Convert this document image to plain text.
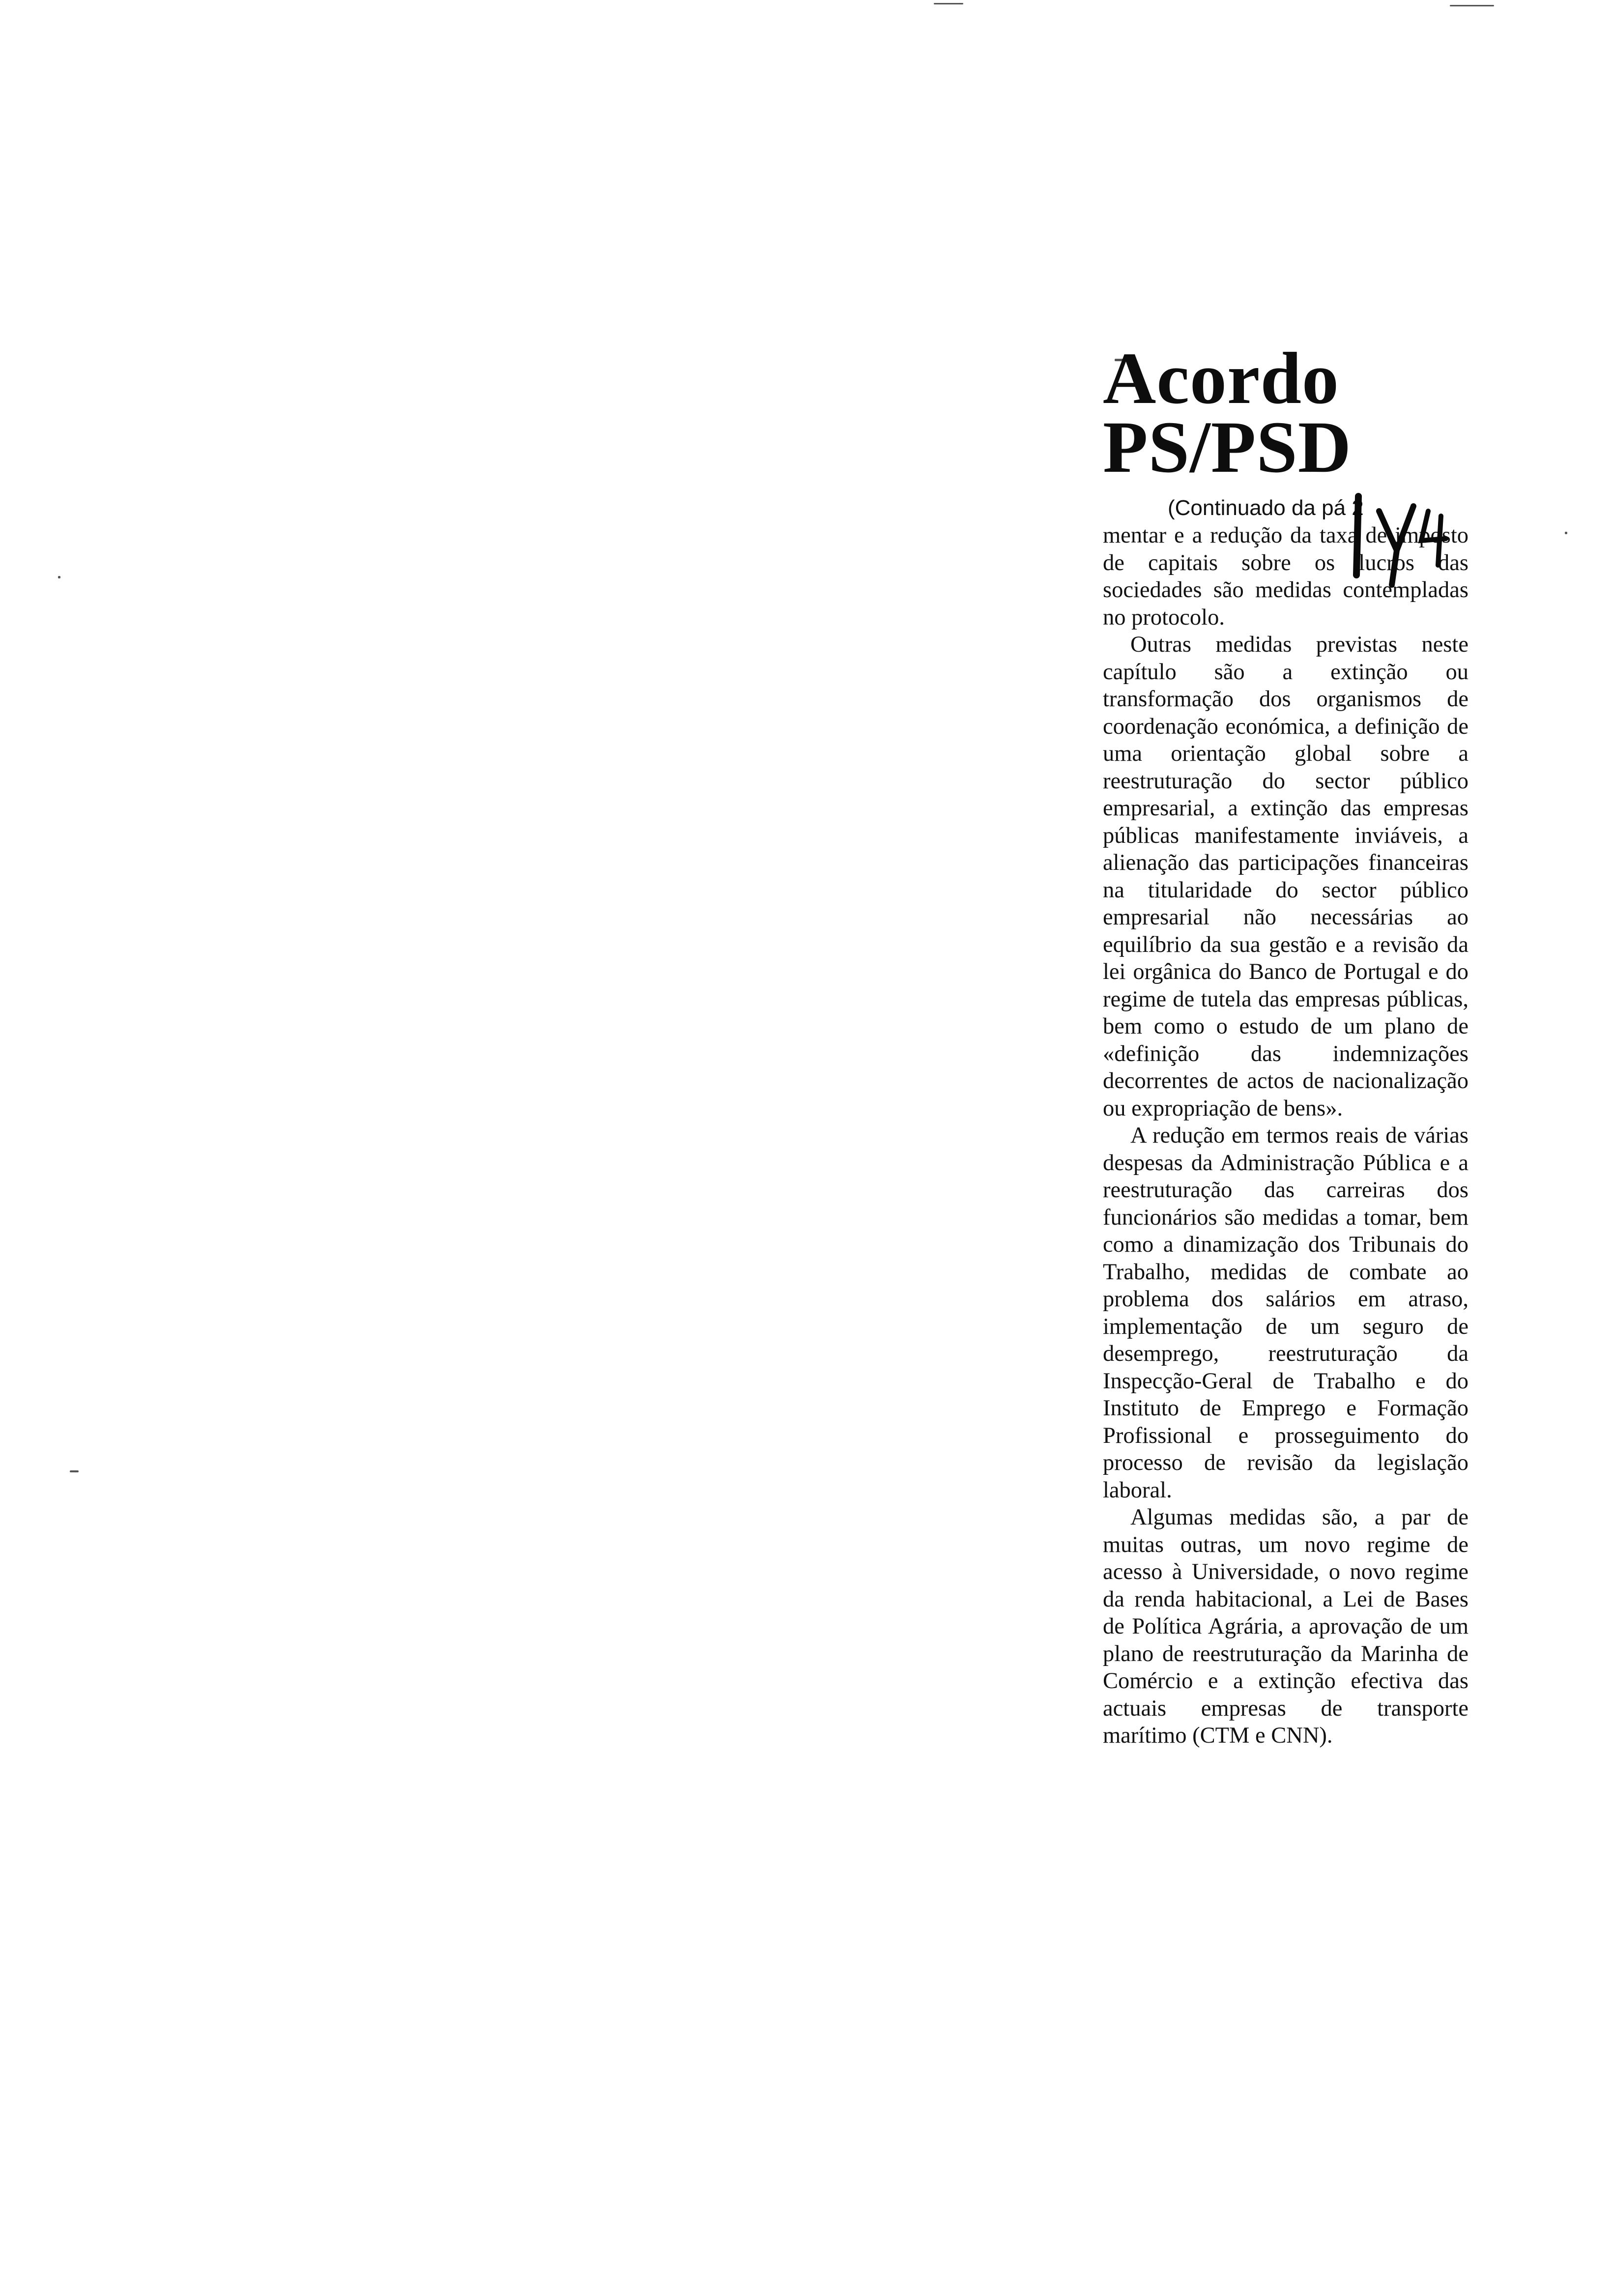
Acordo
PS/PSD
(Continuado da pá 2

mentar e a redução da taxa de imposto de capitais sobre os lucros das sociedades são medidas contempladas no protocolo.

Outras medidas previstas neste capítulo são a extinção ou transformação dos organismos de coordenação económica, a definição de uma orientação global sobre a reestruturação do sector público empresarial, a extinção das empresas públicas manifestamente inviáveis, a alienação das participações financeiras na titularidade do sector público empresarial não necessárias ao equilíbrio da sua gestão e a revisão da lei orgânica do Banco de Portugal e do regime de tutela das empresas públicas, bem como o estudo de um plano de «definição das indemnizações decorrentes de actos de nacionalização ou expropriação de bens».

A redução em termos reais de várias despesas da Administração Pública e a reestruturação das carreiras dos funcionários são medidas a tomar, bem como a dinamização dos Tribunais do Trabalho, medidas de combate ao problema dos salários em atraso, implementação de um seguro de desemprego, reestruturação da Inspecção-Geral de Trabalho e do Instituto de Emprego e Formação Profissional e prosseguimento do processo de revisão da legislação laboral.

Algumas medidas são, a par de muitas outras, um novo regime de acesso à Universidade, o novo regime da renda habitacional, a Lei de Bases de Política Agrária, a aprovação de um plano de reestruturação da Marinha de Comércio e a extinção efectiva das actuais empresas de transporte marítimo (CTM e CNN).
